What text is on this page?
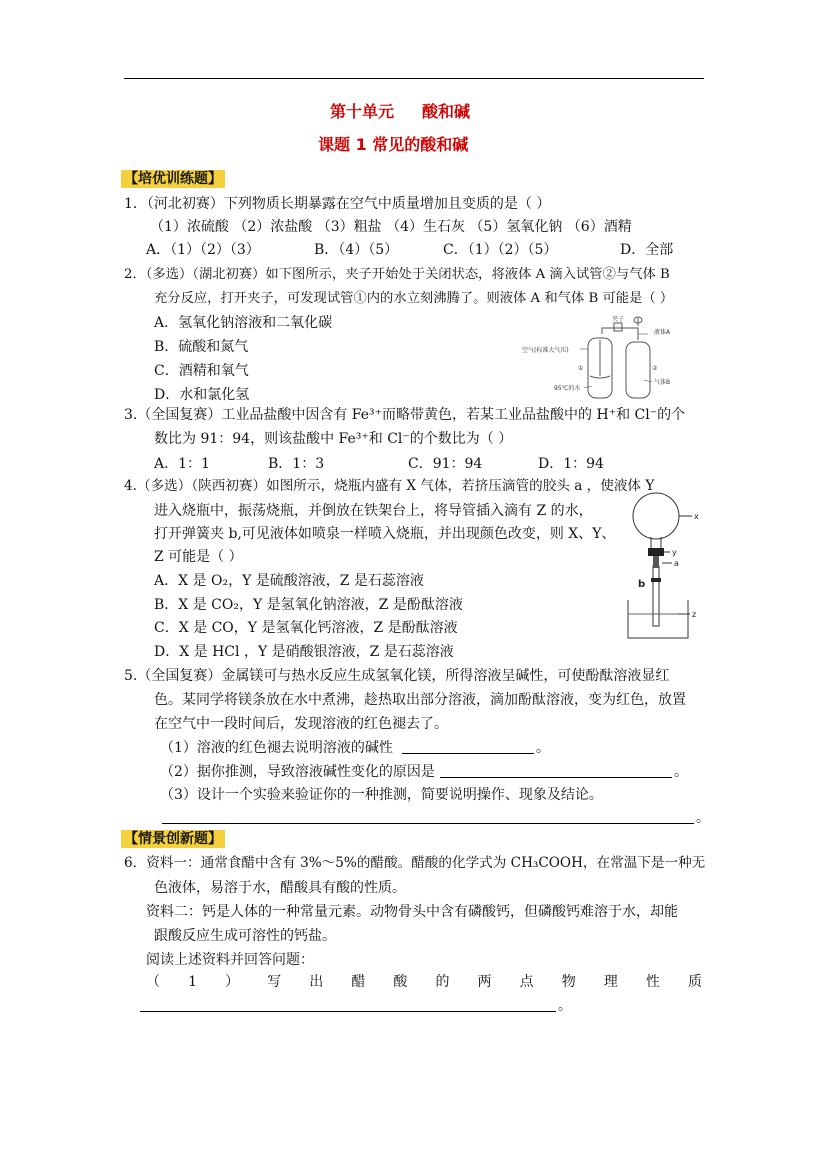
第十单元 酸和碱
课题 1 常见的酸和碱
【培优训练题】
1．（河北初赛）下列物质长期暴露在空气中质量增加且变质的是（ ）
（1）浓硫酸 （2）浓盐酸 （3）粗盐 （4）生石灰 （5）氢氧化钠 （6）酒精
A．（1）（2）（3）	B．（4）（5）	C．（1）（2）（5）	D．全部
2．（多选）（湖北初赛）如下图所示，夹子开始处于关闭状态，将液体 A 滴入试管②与气体 B
充分反应，打开夹子，可发现试管①内的水立刻沸腾了。则液体 A 和气体 B 可能是（ ）
A．氢氧化钠溶液和二氧化碳
B．硫酸和氮气
C．酒精和氧气
D．水和氯化氢
夹子
液体A
空气(标准大气压)
①	②
95℃的水
气体B
3.（全国复赛）工业品盐酸中因含有 Fe³⁺而略带黄色，若某工业品盐酸中的 H⁺和 Cl⁻的个
数比为 91：94，则该盐酸中 Fe³⁺和 Cl⁻的个数比为（ ）
A．1：1	B．1：3	C．91：94	D．1：94
4.（多选）（陕西初赛）如图所示，烧瓶内盛有 X 气体，若挤压滴管的胶头 a ，使液体 Y
进入烧瓶中，振荡烧瓶，并倒放在铁架台上，将导管插入滴有 Z 的水，
打开弹簧夹 b,可见液体如喷泉一样喷入烧瓶，并出现颜色改变，则 X、Y、
Z 可能是（ ）
A．X 是 O₂，Y 是硫酸溶液，Z 是石蕊溶液
B．X 是 CO₂，Y 是氢氧化钠溶液，Z 是酚酞溶液
C．X 是 CO，Y 是氢氧化钙溶液，Z 是酚酞溶液
D．X 是 HCl ，Y 是硝酸银溶液，Z 是石蕊溶液
x
y
a
b
z
5.（全国复赛）金属镁可与热水反应生成氢氧化镁，所得溶液呈碱性，可使酚酞溶液显红
色。某同学将镁条放在水中煮沸，趁热取出部分溶液，滴加酚酞溶液，变为红色，放置
在空气中一段时间后，发现溶液的红色褪去了。
（1）溶液的红色褪去说明溶液的碱性	。
（2）据你推测，导致溶液碱性变化的原因是	。
（3）设计一个实验来验证你的一种推测，简要说明操作、现象及结论。
。
【情景创新题】
6．资料一：通常食醋中含有 3%～5%的醋酸。醋酸的化学式为 CH₃COOH，在常温下是一种无
色液体，易溶于水，醋酸具有酸的性质。
资料二：钙是人体的一种常量元素。动物骨头中含有磷酸钙，但磷酸钙难溶于水，却能
跟酸反应生成可溶性的钙盐。
阅读上述资料并回答问题：
（ 1 ） 写 出 醋 酸 的 两 点 物 理 性 质
。
